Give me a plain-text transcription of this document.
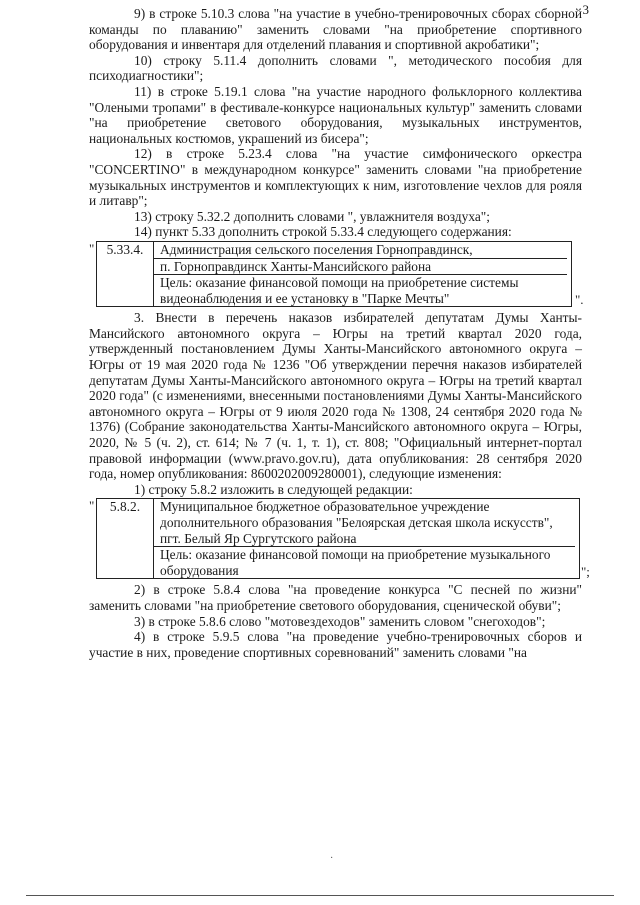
3

9) в строке 5.10.3 слова "на участие в учебно-тренировочных сборах сборной команды по плаванию" заменить словами "на приобретение спортивного оборудования и инвентаря для отделений плавания и спортивной акробатики";

10) строку 5.11.4 дополнить словами ", методического пособия для психодиагностики";

11) в строке 5.19.1 слова "на участие народного фольклорного коллектива "Олеными тропами" в фестивале-конкурсе национальных культур" заменить словами "на приобретение светового оборудования, музыкальных инструментов, национальных костюмов, украшений из бисера";

12) в строке 5.23.4 слова "на участие симфонического оркестра "CONCERTINO" в международном конкурсе" заменить словами "на приобретение музыкальных инструментов и комплектующих к ним, изготовление чехлов для рояля и литавр";

13) строку 5.32.2 дополнить словами ", увлажнителя воздуха";

14) пункт 5.33 дополнить строкой 5.33.4 следующего содержания:

" 5.33.4.	Администрация сельского поселения Горноправдинск,
п. Горноправдинск Ханты-Мансийского района
Цель: оказание финансовой помощи на приобретение системы видеонаблюдения и ее установку в "Парке Мечты"	".

3. Внести в перечень наказов избирателей депутатам Думы Ханты-Мансийского автономного округа – Югры на третий квартал 2020 года, утвержденный постановлением Думы Ханты-Мансийского автономного округа – Югры от 19 мая 2020 года № 1236 "Об утверждении перечня наказов избирателей депутатам Думы Ханты-Мансийского автономного округа – Югры на третий квартал 2020 года" (с изменениями, внесенными постановлениями Думы Ханты-Мансийского автономного округа – Югры от 9 июля 2020 года № 1308, 24 сентября 2020 года № 1376) (Собрание законодательства Ханты-Мансийского автономного округа – Югры, 2020, № 5 (ч. 2), ст. 614; № 7 (ч. 1, т. 1), ст. 808; "Официальный интернет-портал правовой информации (www.pravo.gov.ru), дата опубликования: 28 сентября 2020 года, номер опубликования: 8600202009280001), следующие изменения:

1) строку 5.8.2 изложить в следующей редакции:

"	5.8.2.	Муниципальное бюджетное образовательное учреждение дополнительного образования "Белоярская детская школа искусств", пгт. Белый Яр Сургутского района
Цель: оказание финансовой помощи на приобретение музыкального оборудования	";

2) в строке 5.8.4 слова "на проведение конкурса "С песней по жизни" заменить словами "на приобретение светового оборудования, сценической обуви";

3) в строке 5.8.6 слово "мотовездеходов" заменить словом "снегоходов";

4) в строке 5.9.5 слова "на проведение учебно-тренировочных сборов и участие в них, проведение спортивных соревнований" заменить словами "на

·
